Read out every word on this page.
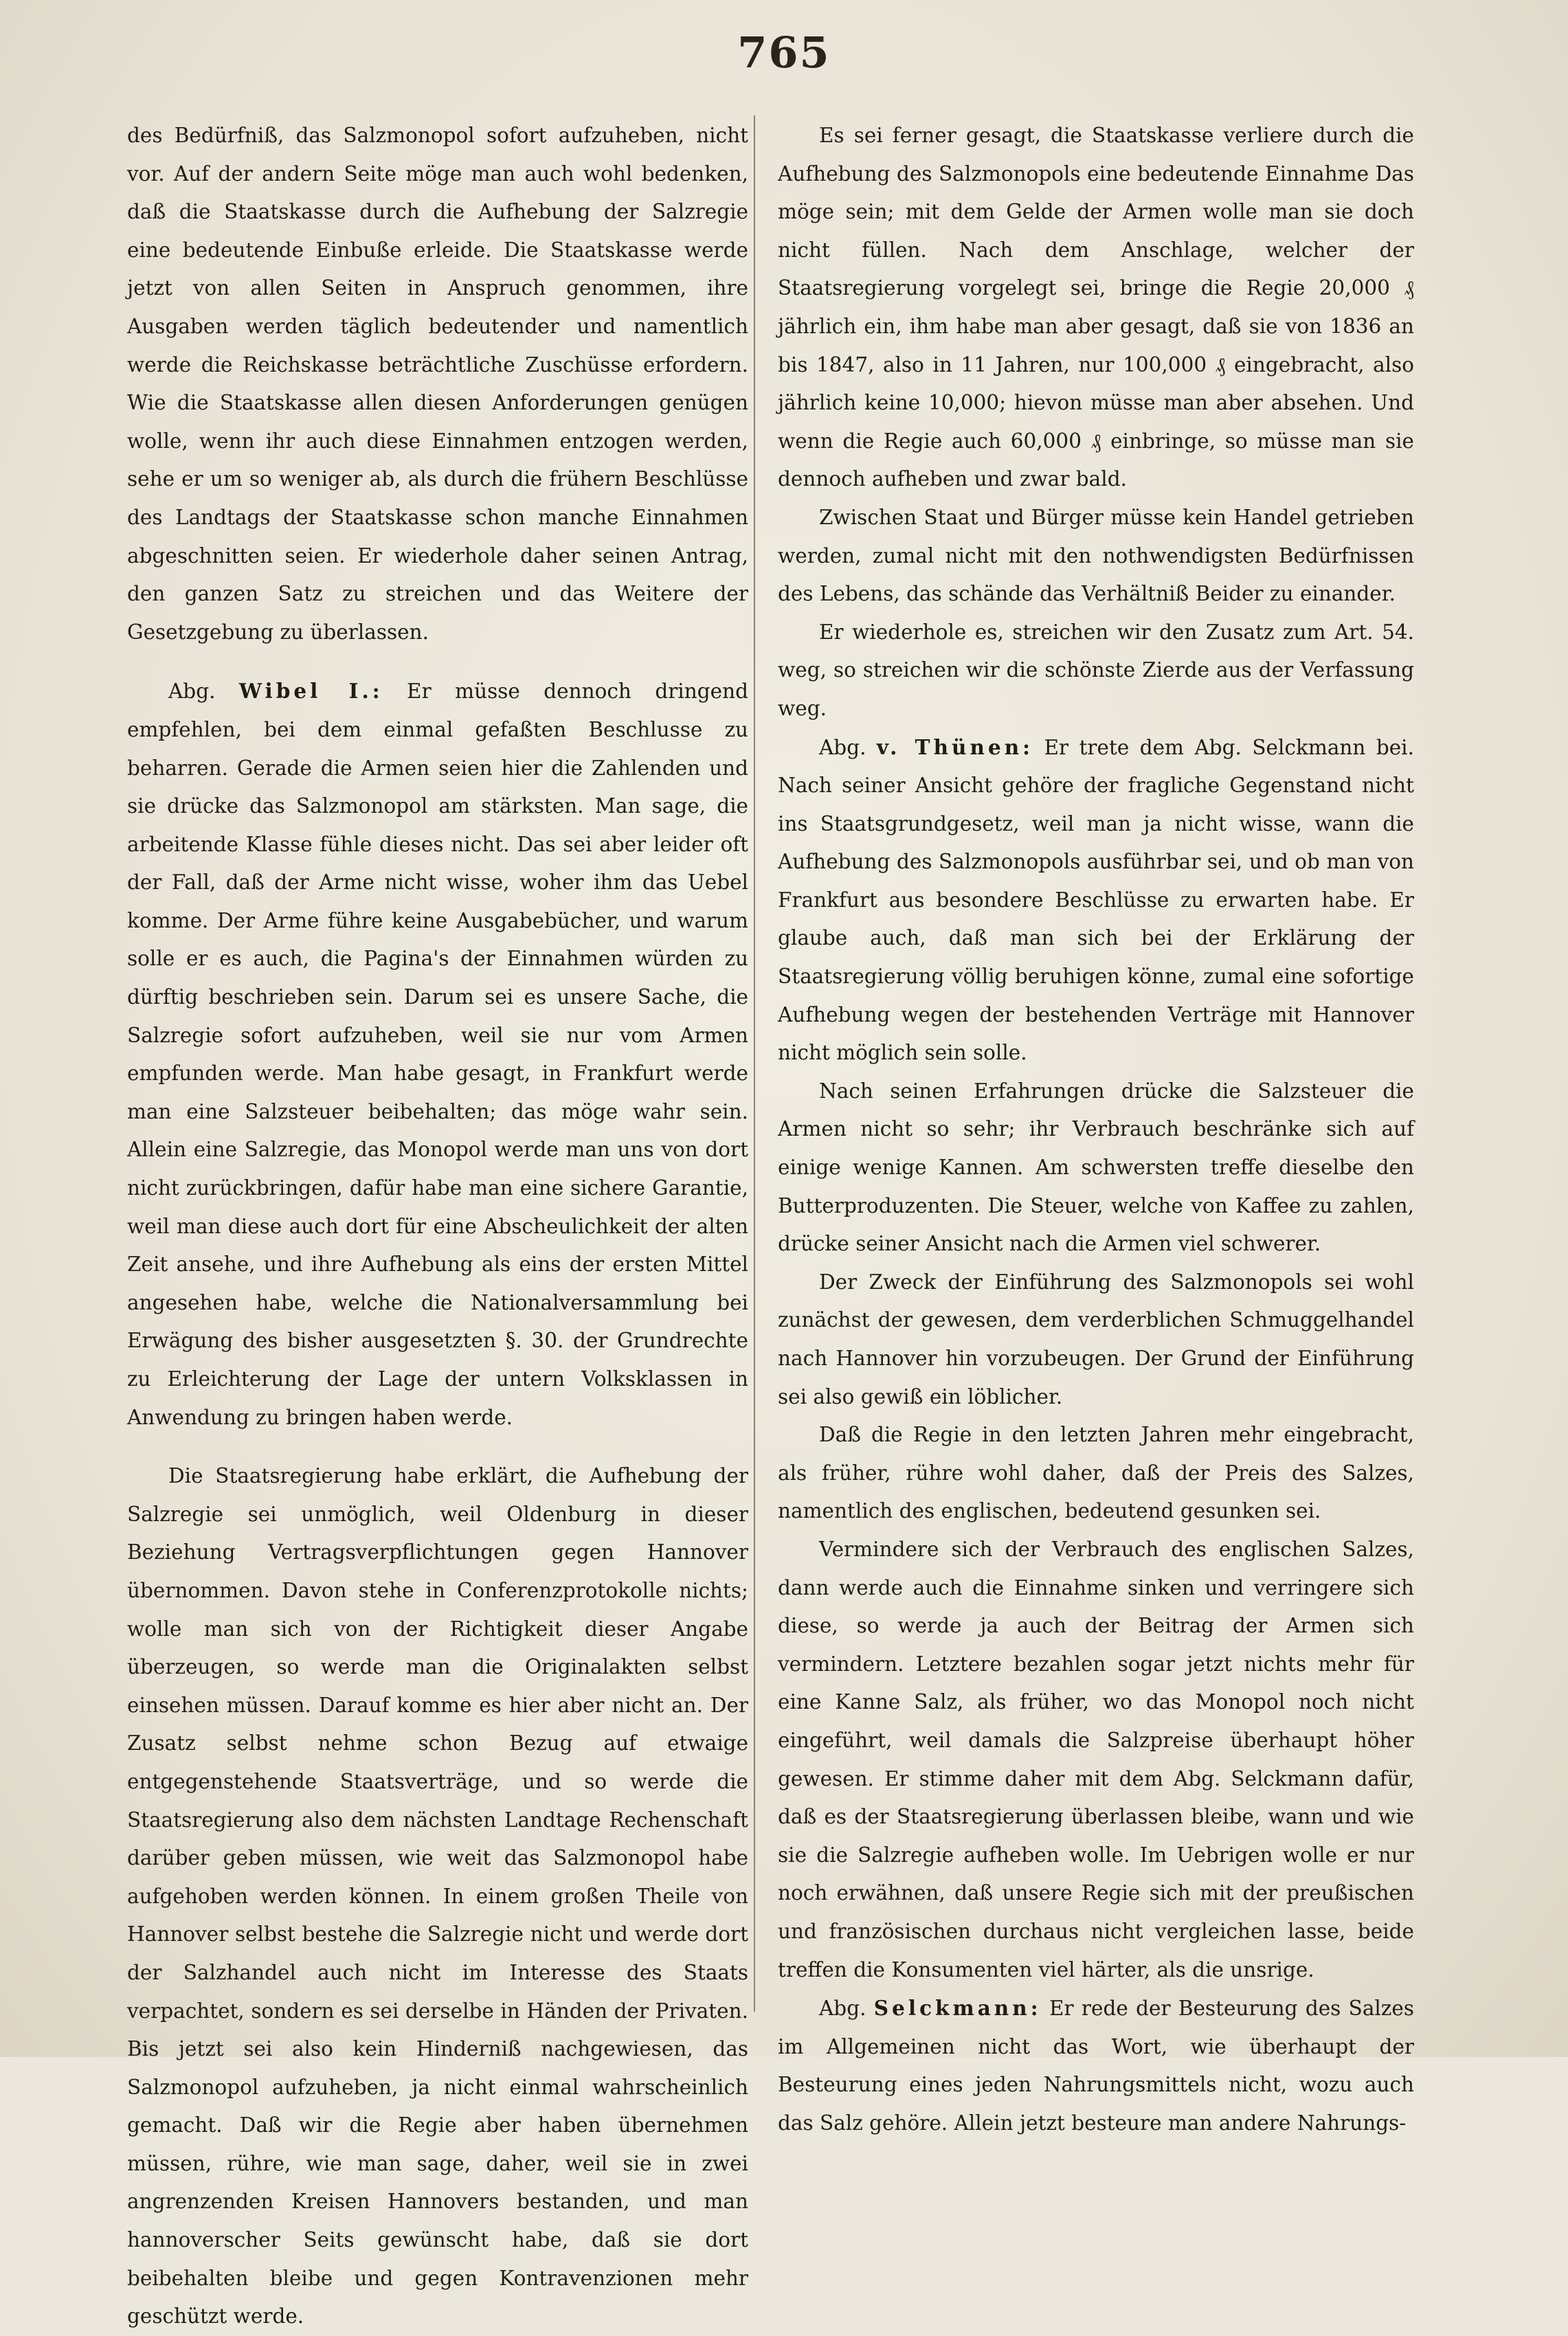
765

des Bedürfniß, das Salzmonopol sofort aufzuheben, nicht vor. Auf der andern Seite möge man auch wohl bedenken, daß die Staatskasse durch die Aufhebung der Salzregie eine bedeutende Einbuße erleide. Die Staatskasse werde jetzt von allen Seiten in Anspruch genommen, ihre Ausgaben werden täglich bedeutender und namentlich werde die Reichskasse beträchtliche Zuschüsse erfordern. Wie die Staatskasse allen diesen Anforderungen genügen wolle, wenn ihr auch diese Einnahmen entzogen werden, sehe er um so weniger ab, als durch die frühern Beschlüsse des Landtags der Staatskasse schon manche Einnahmen abgeschnitten seien. Er wiederhole daher seinen Antrag, den ganzen Satz zu streichen und das Weitere der Gesetzgebung zu überlassen.

Abg. Wibel I.: Er müsse dennoch dringend empfehlen, bei dem einmal gefaßten Beschlusse zu beharren. Gerade die Armen seien hier die Zahlenden und sie drücke das Salzmonopol am stärksten. Man sage, die arbeitende Klasse fühle dieses nicht. Das sei aber leider oft der Fall, daß der Arme nicht wisse, woher ihm das Uebel komme. Der Arme führe keine Ausgabebücher, und warum solle er es auch, die Pagina's der Einnahmen würden zu dürftig beschrieben sein. Darum sei es unsere Sache, die Salzregie sofort aufzuheben, weil sie nur vom Armen empfunden werde. Man habe gesagt, in Frankfurt werde man eine Salzsteuer beibehalten; das möge wahr sein. Allein eine Salzregie, das Monopol werde man uns von dort nicht zurückbringen, dafür habe man eine sichere Garantie, weil man diese auch dort für eine Abscheulichkeit der alten Zeit ansehe, und ihre Aufhebung als eins der ersten Mittel angesehen habe, welche die Nationalversammlung bei Erwägung des bisher ausgesetzten §. 30. der Grundrechte zu Erleichterung der Lage der untern Volksklassen in Anwendung zu bringen haben werde.

Die Staatsregierung habe erklärt, die Aufhebung der Salzregie sei unmöglich, weil Oldenburg in dieser Beziehung Vertragsverpflichtungen gegen Hannover übernommen. Davon stehe in Conferenzprotokolle nichts; wolle man sich von der Richtigkeit dieser Angabe überzeugen, so werde man die Originalakten selbst einsehen müssen. Darauf komme es hier aber nicht an. Der Zusatz selbst nehme schon Bezug auf etwaige entgegenstehende Staatsverträge, und so werde die Staatsregierung also dem nächsten Landtage Rechenschaft darüber geben müssen, wie weit das Salzmonopol habe aufgehoben werden können. In einem großen Theile von Hannover selbst bestehe die Salzregie nicht und werde dort der Salzhandel auch nicht im Interesse des Staats verpachtet, sondern es sei derselbe in Händen der Privaten. Bis jetzt sei also kein Hinderniß nachgewiesen, das Salzmonopol aufzuheben, ja nicht einmal wahrscheinlich gemacht. Daß wir die Regie aber haben übernehmen müssen, rühre, wie man sage, daher, weil sie in zwei angrenzenden Kreisen Hannovers bestanden, und man hannoverscher Seits gewünscht habe, daß sie dort beibehalten bleibe und gegen Kontravenzionen mehr geschützt werde.

Es sei ferner gesagt, die Staatskasse verliere durch die Aufhebung des Salzmonopols eine bedeutende Einnahme Das möge sein; mit dem Gelde der Armen wolle man sie doch nicht füllen. Nach dem Anschlage, welcher der Staatsregierung vorgelegt sei, bringe die Regie 20,000 ₰ jährlich ein, ihm habe man aber gesagt, daß sie von 1836 an bis 1847, also in 11 Jahren, nur 100,000 ₰ eingebracht, also jährlich keine 10,000; hievon müsse man aber absehen. Und wenn die Regie auch 60,000 ₰ einbringe, so müsse man sie dennoch aufheben und zwar bald.

Zwischen Staat und Bürger müsse kein Handel getrieben werden, zumal nicht mit den nothwendigsten Bedürfnissen des Lebens, das schände das Verhältniß Beider zu einander.

Er wiederhole es, streichen wir den Zusatz zum Art. 54. weg, so streichen wir die schönste Zierde aus der Verfassung weg.

Abg. v. Thünen: Er trete dem Abg. Selckmann bei. Nach seiner Ansicht gehöre der fragliche Gegenstand nicht ins Staatsgrundgesetz, weil man ja nicht wisse, wann die Aufhebung des Salzmonopols ausführbar sei, und ob man von Frankfurt aus besondere Beschlüsse zu erwarten habe. Er glaube auch, daß man sich bei der Erklärung der Staatsregierung völlig beruhigen könne, zumal eine sofortige Aufhebung wegen der bestehenden Verträge mit Hannover nicht möglich sein solle.

Nach seinen Erfahrungen drücke die Salzsteuer die Armen nicht so sehr; ihr Verbrauch beschränke sich auf einige wenige Kannen. Am schwersten treffe dieselbe den Butterproduzenten. Die Steuer, welche von Kaffee zu zahlen, drücke seiner Ansicht nach die Armen viel schwerer.

Der Zweck der Einführung des Salzmonopols sei wohl zunächst der gewesen, dem verderblichen Schmuggelhandel nach Hannover hin vorzubeugen. Der Grund der Einführung sei also gewiß ein löblicher.

Daß die Regie in den letzten Jahren mehr eingebracht, als früher, rühre wohl daher, daß der Preis des Salzes, namentlich des englischen, bedeutend gesunken sei.

Vermindere sich der Verbrauch des englischen Salzes, dann werde auch die Einnahme sinken und verringere sich diese, so werde ja auch der Beitrag der Armen sich vermindern. Letztere bezahlen sogar jetzt nichts mehr für eine Kanne Salz, als früher, wo das Monopol noch nicht eingeführt, weil damals die Salzpreise überhaupt höher gewesen. Er stimme daher mit dem Abg. Selckmann dafür, daß es der Staatsregierung überlassen bleibe, wann und wie sie die Salzregie aufheben wolle. Im Uebrigen wolle er nur noch erwähnen, daß unsere Regie sich mit der preußischen und französischen durchaus nicht vergleichen lasse, beide treffen die Konsumenten viel härter, als die unsrige.

Abg. Selckmann: Er rede der Besteurung des Salzes im Allgemeinen nicht das Wort, wie überhaupt der Besteurung eines jeden Nahrungsmittels nicht, wozu auch das Salz gehöre. Allein jetzt besteure man andere Nahrungs-
